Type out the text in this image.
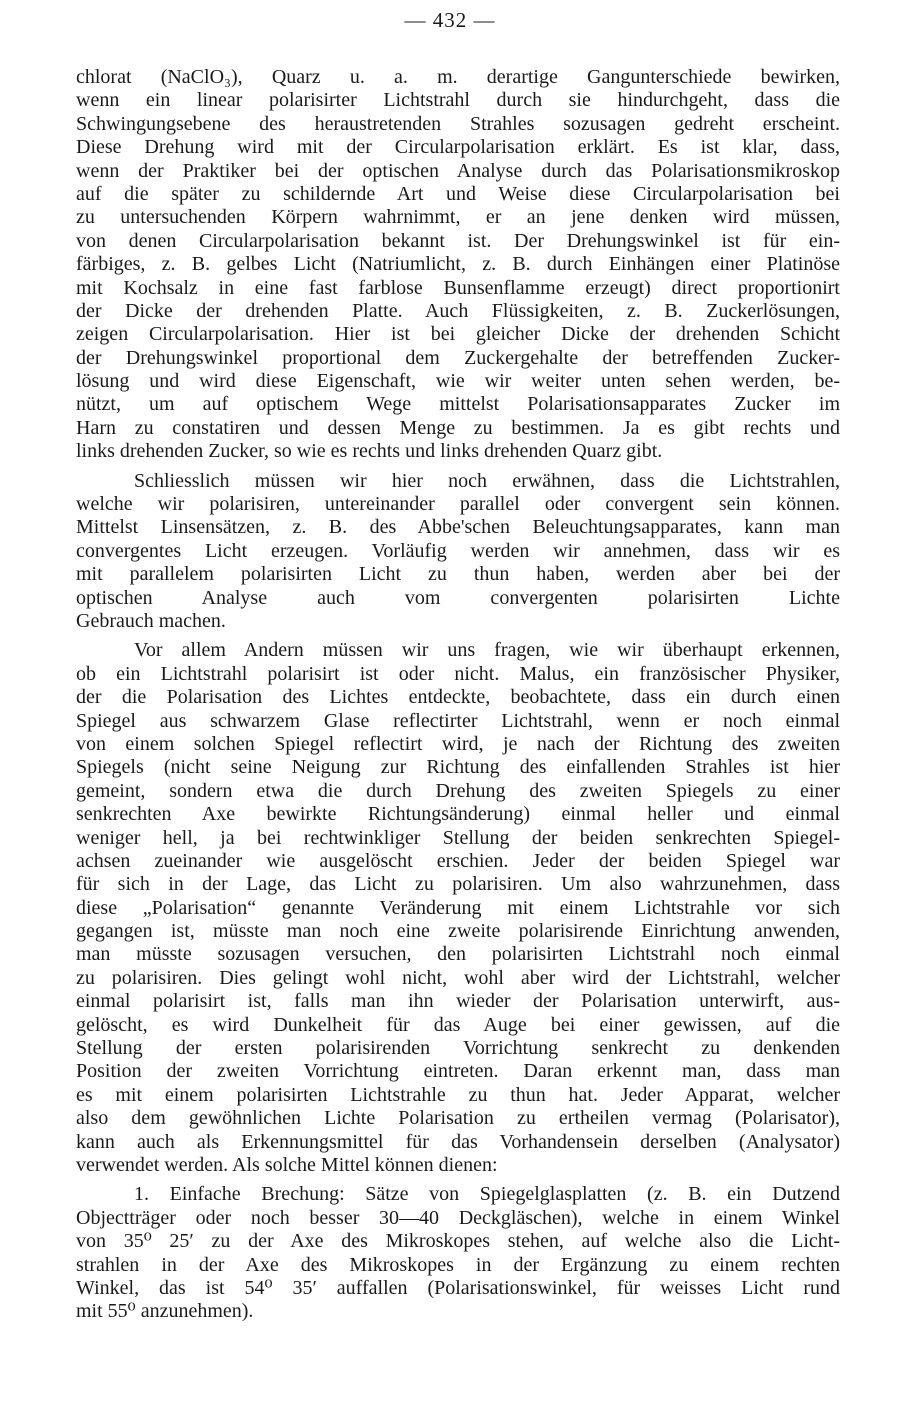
— 432 —
chlorat (NaClO₃), Quarz u. a. m. derartige Gangunterschiede bewirken,
wenn ein linear polarisirter Lichtstrahl durch sie hindurchgeht, dass die
Schwingungsebene des heraustretenden Strahles sozusagen gedreht erscheint.
Diese Drehung wird mit der Circularpolarisation erklärt. Es ist klar, dass,
wenn der Praktiker bei der optischen Analyse durch das Polarisationsmikroskop
auf die später zu schildernde Art und Weise diese Circularpolarisation bei
zu untersuchenden Körpern wahrnimmt, er an jene denken wird müssen,
von denen Circularpolarisation bekannt ist. Der Drehungswinkel ist für ein-
färbiges, z. B. gelbes Licht (Natriumlicht, z. B. durch Einhängen einer Platinöse
mit Kochsalz in eine fast farblose Bunsenflamme erzeugt) direct proportionirt
der Dicke der drehenden Platte. Auch Flüssigkeiten, z. B. Zuckerlösungen,
zeigen Circularpolarisation. Hier ist bei gleicher Dicke der drehenden Schicht
der Drehungswinkel proportional dem Zuckergehalte der betreffenden Zucker-
lösung und wird diese Eigenschaft, wie wir weiter unten sehen werden, be-
nützt, um auf optischem Wege mittelst Polarisationsapparates Zucker im
Harn zu constatiren und dessen Menge zu bestimmen. Ja es gibt rechts und
links drehenden Zucker, so wie es rechts und links drehenden Quarz gibt.
Schliesslich müssen wir hier noch erwähnen, dass die Lichtstrahlen,
welche wir polarisiren, untereinander parallel oder convergent sein können.
Mittelst Linsensätzen, z. B. des Abbe'schen Beleuchtungsapparates, kann man
convergentes Licht erzeugen. Vorläufig werden wir annehmen, dass wir es
mit parallelem polarisirten Licht zu thun haben, werden aber bei der
optischen Analyse auch vom convergenten polarisirten Lichte
Gebrauch machen.
Vor allem Andern müssen wir uns fragen, wie wir überhaupt erkennen,
ob ein Lichtstrahl polarisirt ist oder nicht. Malus, ein französischer Physiker,
der die Polarisation des Lichtes entdeckte, beobachtete, dass ein durch einen
Spiegel aus schwarzem Glase reflectirter Lichtstrahl, wenn er noch einmal
von einem solchen Spiegel reflectirt wird, je nach der Richtung des zweiten
Spiegels (nicht seine Neigung zur Richtung des einfallenden Strahles ist hier
gemeint, sondern etwa die durch Drehung des zweiten Spiegels zu einer
senkrechten Axe bewirkte Richtungsänderung) einmal heller und einmal
weniger hell, ja bei rechtwinkliger Stellung der beiden senkrechten Spiegel-
achsen zueinander wie ausgelöscht erschien. Jeder der beiden Spiegel war
für sich in der Lage, das Licht zu polarisiren. Um also wahrzunehmen, dass
diese „Polarisation“ genannte Veränderung mit einem Lichtstrahle vor sich
gegangen ist, müsste man noch eine zweite polarisirende Einrichtung anwenden,
man müsste sozusagen versuchen, den polarisirten Lichtstrahl noch einmal
zu polarisiren. Dies gelingt wohl nicht, wohl aber wird der Lichtstrahl, welcher
einmal polarisirt ist, falls man ihn wieder der Polarisation unterwirft, aus-
gelöscht, es wird Dunkelheit für das Auge bei einer gewissen, auf die
Stellung der ersten polarisirenden Vorrichtung senkrecht zu denkenden
Position der zweiten Vorrichtung eintreten. Daran erkennt man, dass man
es mit einem polarisirten Lichtstrahle zu thun hat. Jeder Apparat, welcher
also dem gewöhnlichen Lichte Polarisation zu ertheilen vermag (Polarisator),
kann auch als Erkennungsmittel für das Vorhandensein derselben (Analysator)
verwendet werden. Als solche Mittel können dienen:
1. Einfache Brechung: Sätze von Spiegelglasplatten (z. B. ein Dutzend
Objectträger oder noch besser 30—40 Deckgläschen), welche in einem Winkel
von 35⁰ 25′ zu der Axe des Mikroskopes stehen, auf welche also die Licht-
strahlen in der Axe des Mikroskopes in der Ergänzung zu einem rechten
Winkel, das ist 54⁰ 35′ auffallen (Polarisationswinkel, für weisses Licht rund
mit 55⁰ anzunehmen).
